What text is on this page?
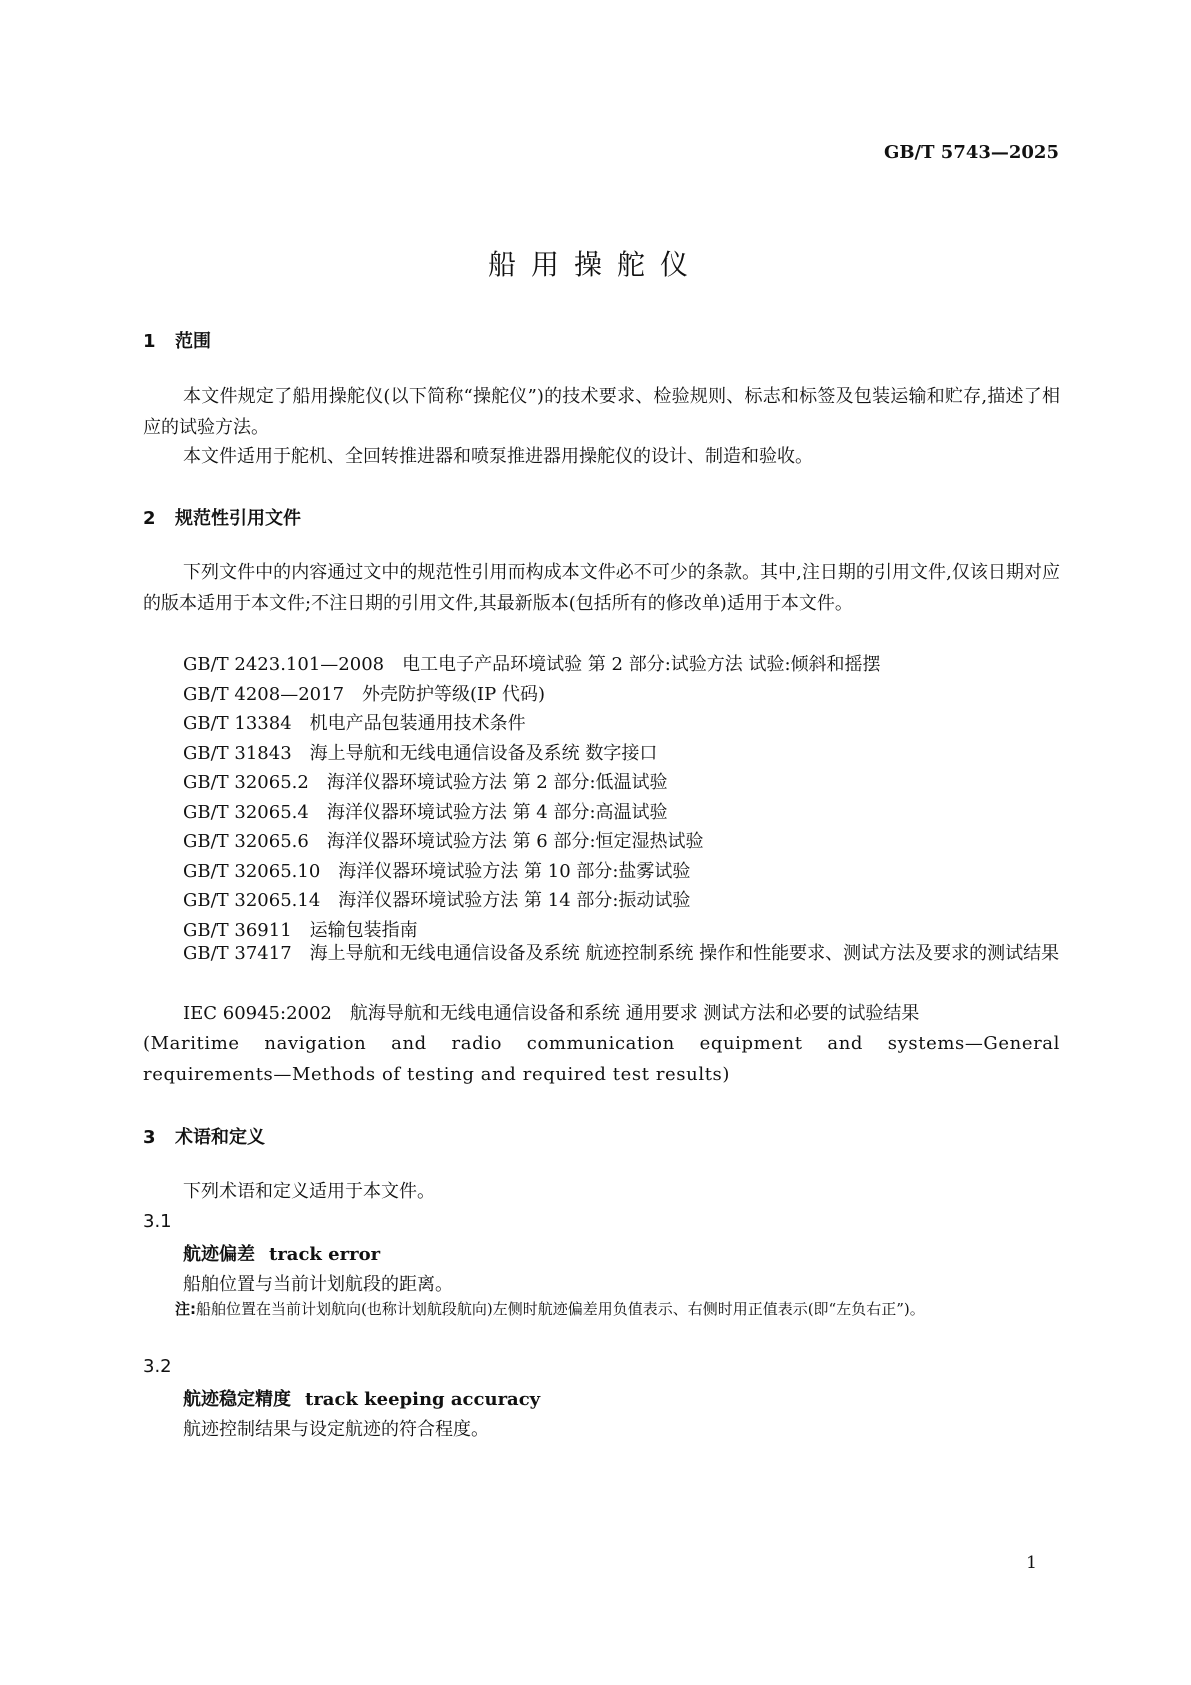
GB/T 5743—2025
船用操舵仪
1 范围
本文件规定了船用操舵仪(以下简称“操舵仪”)的技术要求、检验规则、标志和标签及包装运输和贮存,描述了相应的试验方法。
本文件适用于舵机、全回转推进器和喷泵推进器用操舵仪的设计、制造和验收。
2 规范性引用文件
下列文件中的内容通过文中的规范性引用而构成本文件必不可少的条款。其中,注日期的引用文件,仅该日期对应的版本适用于本文件;不注日期的引用文件,其最新版本(包括所有的修改单)适用于本文件。
GB/T 2423.101—2008 电工电子产品环境试验 第 2 部分:试验方法 试验:倾斜和摇摆
GB/T 4208—2017 外壳防护等级(IP 代码)
GB/T 13384 机电产品包装通用技术条件
GB/T 31843 海上导航和无线电通信设备及系统 数字接口
GB/T 32065.2 海洋仪器环境试验方法 第 2 部分:低温试验
GB/T 32065.4 海洋仪器环境试验方法 第 4 部分:高温试验
GB/T 32065.6 海洋仪器环境试验方法 第 6 部分:恒定湿热试验
GB/T 32065.10 海洋仪器环境试验方法 第 10 部分:盐雾试验
GB/T 32065.14 海洋仪器环境试验方法 第 14 部分:振动试验
GB/T 36911 运输包装指南
GB/T 37417 海上导航和无线电通信设备及系统 航迹控制系统 操作和性能要求、测试方法及要求的测试结果
IEC 60945:2002 航海导航和无线电通信设备和系统 通用要求 测试方法和必要的试验结果
(Maritime navigation and radio communication equipment and systems—General requirements—Methods of testing and required test results)
3 术语和定义
下列术语和定义适用于本文件。
3.1
航迹偏差 track error
船舶位置与当前计划航段的距离。
注:船舶位置在当前计划航向(也称计划航段航向)左侧时航迹偏差用负值表示、右侧时用正值表示(即“左负右正”)。
3.2
航迹稳定精度 track keeping accuracy
航迹控制结果与设定航迹的符合程度。
1
